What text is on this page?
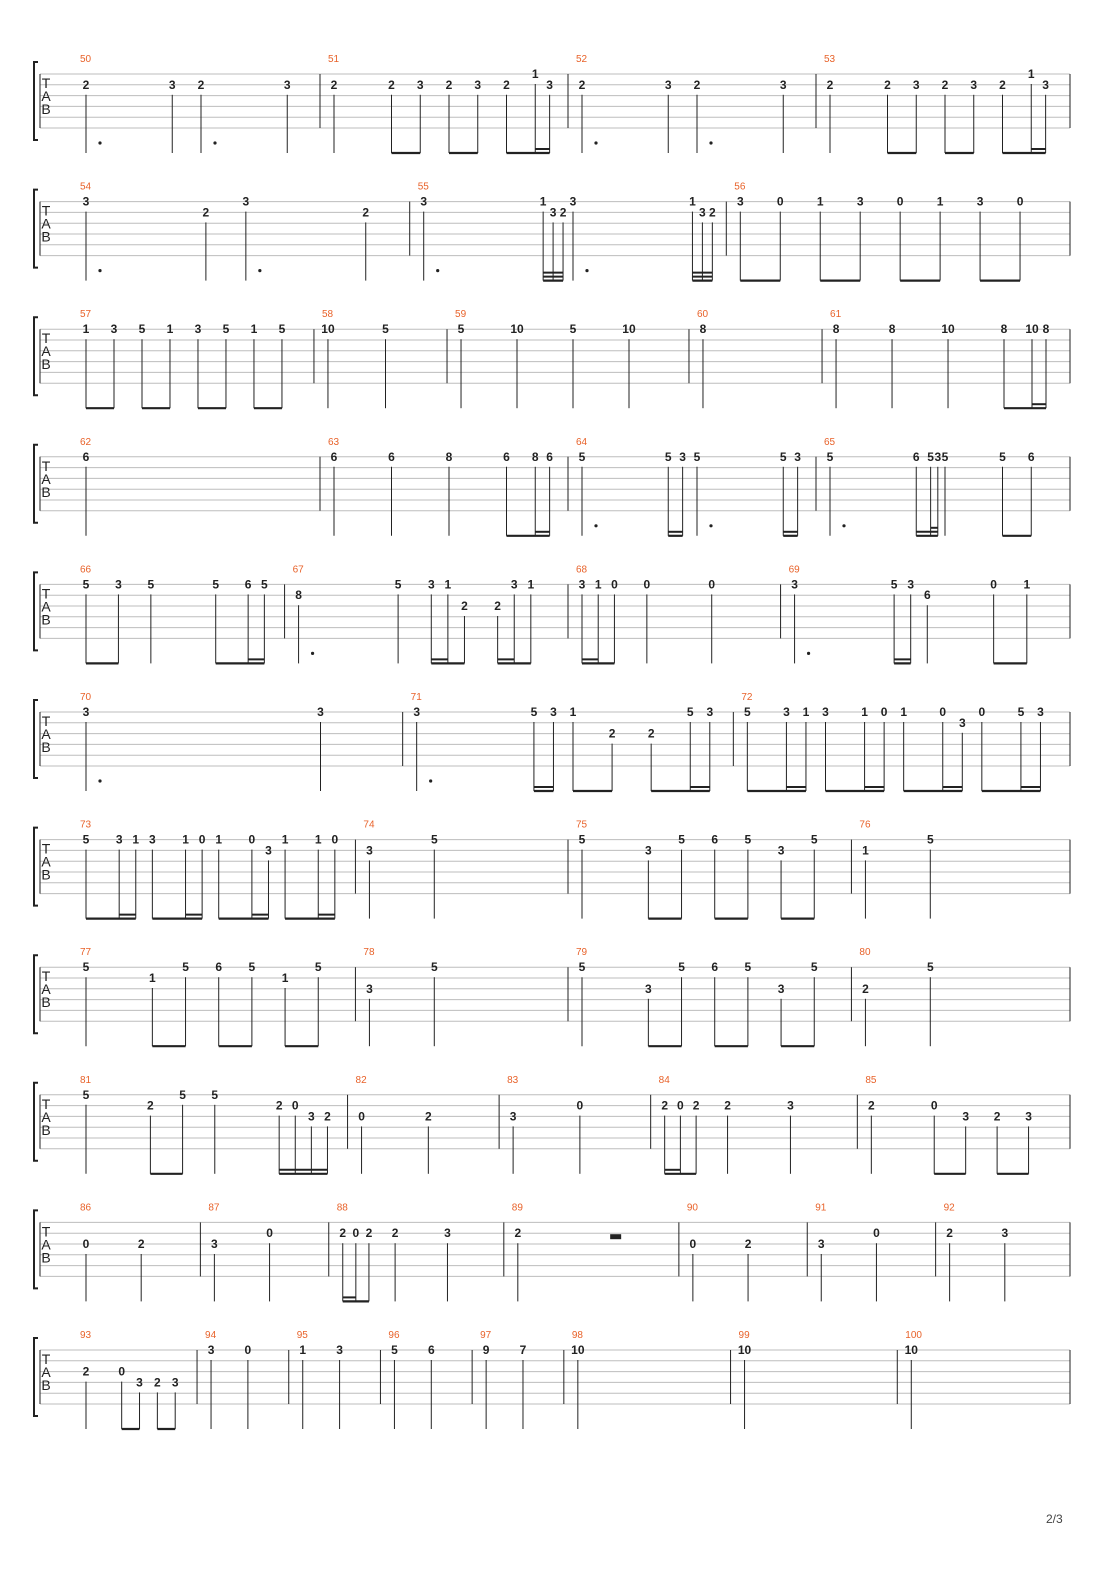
T
A
B
50
2	3 2	3
51
2	2 3 2 3 2
1
3
52
2	3 2	3
53
2	2 3 2 3 2
1
3
T
A
B
54
3
2
3
2
55
3	1
3 2
3	1
3 2
56
3	0	1	3	0	1	3	0
T
A
B
57
1 3 5 1 3 5 1 5
58
10	5
59
5	10	5	10
60
8
61
8	8	10	8 10 8
T
A
B
62
6
63
6	6	8	6 8 6
64
5	5 3 5	5 3
65
5	6 5 3 5	5 6
T
A
B
66
5 3 5	5 6 5
67
8
5 3 1
2 2
3 1
68
3 1 0 0	0
69
3	5 3
6
0 1
T
A
B
70
3	3
71
3	5 3 1
2	2
5 3
72
5	3 1 3	1 0 1	0
3
0	5 3
T
A
B
73
5 3 1 3 1 0 1 0
3
1 1 0
74
3
5
75
5
3
5 6 5
3
5
76
1
5
T
A
B
77
5
1
5 6 5
1
5
78
3
5
79
5
3
5 6 5
3
5
80
2
5
T
A
B
81
5
2
5 5
2 0
3 2
82
0	2
83
3
0
84
2 0 2 2	3
85
2	0
3 2 3
T
A
B
86
0	2
87
3
0
88
2 0 2 2	3
89
2
90
0	2
91
3
0
92
2	3
T
A
B
93
2 0
3 2 3
94
3	0
95
1	3
96
5	6
97
9	7
98
10
99
10
100
10
2/3
